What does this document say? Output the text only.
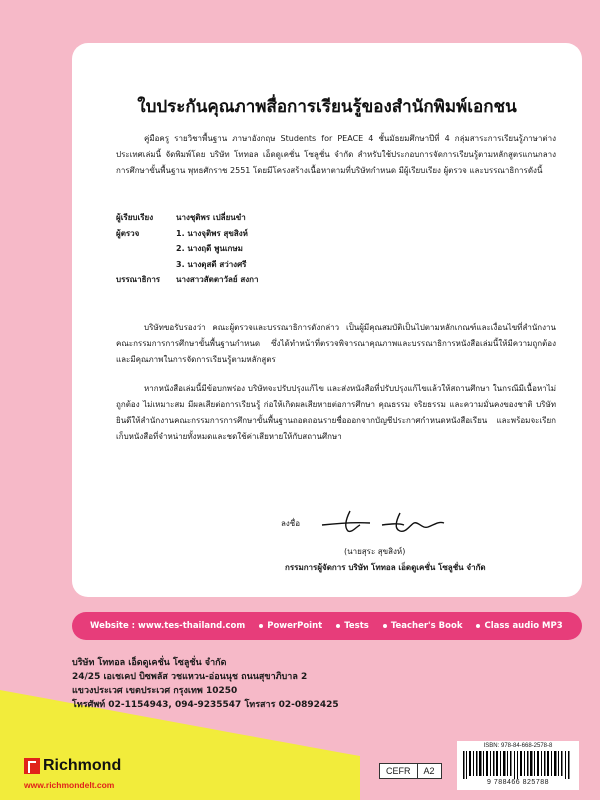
ใบประกันคุณภาพสื่อการเรียนรู้ของสำนักพิมพ์เอกชน
คู่มือครู รายวิชาพื้นฐาน ภาษาอังกฤษ Students for PEACE 4 ชั้นมัธยมศึกษาปีที่ 4 กลุ่มสาระการเรียนรู้ภาษาต่างประเทศเล่มนี้ จัดพิมพ์โดย บริษัท โททอล เอ็ดดูเคชั่น โซลูชั่น จำกัด สำหรับใช้ประกอบการจัดการเรียนรู้ตามหลักสูตรแกนกลางการศึกษาขั้นพื้นฐาน พุทธศักราช 2551 โดยมีโครงสร้างเนื้อหาตามที่บริษัทกำหนด มีผู้เรียบเรียง ผู้ตรวจ และบรรณาธิการดังนี้
ผู้เรียบเรียง	นางชุติพร เปลี่ยนขำ
ผู้ตรวจ	1. นางจุติพร สุขสิงห์
2. นางฤดี พูนเกษม
3. นางดุสดี สว่างศรี
บรรณาธิการ	นางสาวสัตตาวัลย์ สงกา
บริษัทขอรับรองว่า คณะผู้ตรวจและบรรณาธิการดังกล่าว เป็นผู้มีคุณสมบัติเป็นไปตามหลักเกณฑ์และเงื่อนไขที่สำนักงานคณะกรรมการการศึกษาขั้นพื้นฐานกำหนด ซึ่งได้ทำหน้าที่ตรวจพิจารณาคุณภาพและบรรณาธิการหนังสือเล่มนี้ให้มีความถูกต้องและมีคุณภาพในการจัดการเรียนรู้ตามหลักสูตร
หากหนังสือเล่มนี้มีข้อบกพร่อง บริษัทจะปรับปรุงแก้ไข และส่งหนังสือที่ปรับปรุงแก้ไขแล้วให้สถานศึกษา ในกรณีมีเนื้อหาไม่ถูกต้อง ไม่เหมาะสม มีผลเสียต่อการเรียนรู้ ก่อให้เกิดผลเสียหายต่อการศึกษา คุณธรรม จริยธรรม และความมั่นคงของชาติ บริษัทยินดีให้สำนักงานคณะกรรมการการศึกษาขั้นพื้นฐานถอดถอนรายชื่อออกจากบัญชีประกาศกำหนดหนังสือเรียน และพร้อมจะเรียกเก็บหนังสือที่จำหน่ายทั้งหมดและชดใช้ค่าเสียหายให้กับสถานศึกษา
ลงชื่อ
(นายสุระ สุขสิงห์)
กรรมการผู้จัดการ บริษัท โททอล เอ็ดดูเคชั่น โซลูชั่น จำกัด
Website : www.tes-thailand.com	PowerPoint	Tests	Teacher's Book	Class audio MP3
บริษัท โททอล เอ็ดดูเคชั่น โซลูชั่น จำกัด
24/25 เอเชเคป บิซพลัส วชแหวน-อ่อนนุช ถนนสุขาภิบาล 2
แขวงประเวศ เขตประเวศ กรุงเทพ 10250
โทรศัพท์ 02-1154943, 094-9235547 โทรสาร 02-0892425
Richmond
www.richmondelt.com
CEFR	A2
ISBN: 978-84-668-2578-8
9 788466 825788
